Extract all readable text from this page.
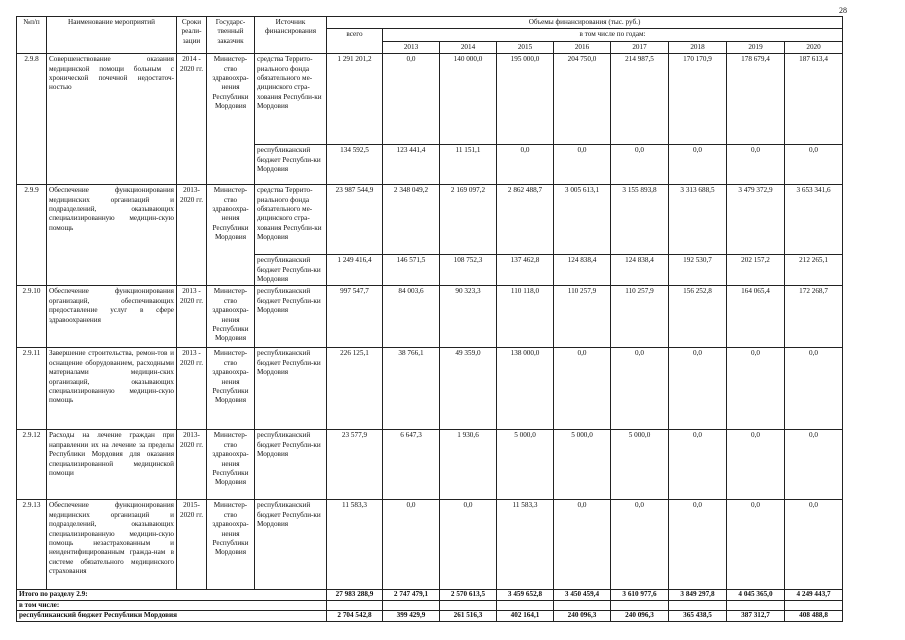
28
№п/п	Наименование мероприятий	Сроки реали-зации	Государс-твенный заказчик	Источник финансирования	Объемы финансирования (тыс. руб.)								
					всего	в том числе по годам:							
						2013	2014	2015	2016	2017	2018	2019	2020
2.9.8	Совершенствование оказания медицинской помощи больным с хронической почечной недостаточ-ностью	2014 - 2020 гг.	Министер-ство здравоохра-нения Республики Мордовия	средства Террито-риального фонда обязательного ме-дицинского стра-хования Республи-ки Мордовия	1 291 201,2	0,0	140 000,0	195 000,0	204 750,0	214 987,5	170 170,9	178 679,4	187 613,4
				республиканский бюджет Республи-ки Мордовия	134 592,5	123 441,4	11 151,1	0,0	0,0	0,0	0,0	0,0	0,0
2.9.9	Обеспечение функционирования медицинских организаций и подразделений, оказывающих специализированную медицин-скую помощь	2013-2020 гг.	Министер-ство здравоохра-нения Республики Мордовия	средства Террито-риального фонда обязательного ме-дицинского стра-хования Республи-ки Мордовия	23 987 544,9	2 348 049,2	2 169 097,2	2 862 488,7	3 005 613,1	3 155 893,8	3 313 688,5	3 479 372,9	3 653 341,6
				республиканский бюджет Республи-ки Мордовия	1 249 416,4	146 571,5	108 752,3	137 462,8	124 838,4	124 838,4	192 530,7	202 157,2	212 265,1
2.9.10	Обеспечение функционирования организаций, обеспечивающих предоставление услуг в сфере здравоохранения	2013 - 2020 гг.	Министер-ство здравоохра-нения Республики Мордовия	республиканский бюджет Республи-ки Мордовия	997 547,7	84 003,6	90 323,3	110 118,0	110 257,9	110 257,9	156 252,8	164 065,4	172 268,7
2.9.11	Завершение строительства, ремон-тов и оснащение оборудованием, расходными материалами медицин-ских организаций, оказывающих специализированную медицин-скую помощь	2013 - 2020 гг.	Министер-ство здравоохра-нения Республики Мордовия	республиканский бюджет Республи-ки Мордовия	226 125,1	38 766,1	49 359,0	138 000,0	0,0	0,0	0,0	0,0	0,0
2.9.12	Расходы на лечение граждан при направлении их на лечение за пределы Республики Мордовия для оказания специализированной медицинской помощи	2013-2020 гг.	Министер-ство здравоохра-нения Республики Мордовия	республиканский бюджет Республи-ки Мордовия	23 577,9	6 647,3	1 930,6	5 000,0	5 000,0	5 000,0	0,0	0,0	0,0
2.9.13	Обеспечение функционирования медицинских организаций и подразделений, оказывающих специализированную медицин-скую помощь незастрахованным и неидентифицированным гражда-нам в системе обязательного медицинского страхования	2015-2020 гг.	Министер-ство здравоохра-нения Республики Мордовия	республиканский бюджет Республи-ки Мордовия	11 583,3	0,0	0,0	11 583,3	0,0	0,0	0,0	0,0	0,0
Итого по разделу 2.9:					27 983 288,9	2 747 479,1	2 570 613,5	3 459 652,8	3 450 459,4	3 610 977,6	3 849 297,8	4 045 365,0	4 249 443,7
в том числе:													
республиканский бюджет Республики Мордовия					2 704 542,8	399 429,9	261 516,3	402 164,1	240 096,3	240 096,3	365 438,5	387 312,7	408 488,8
